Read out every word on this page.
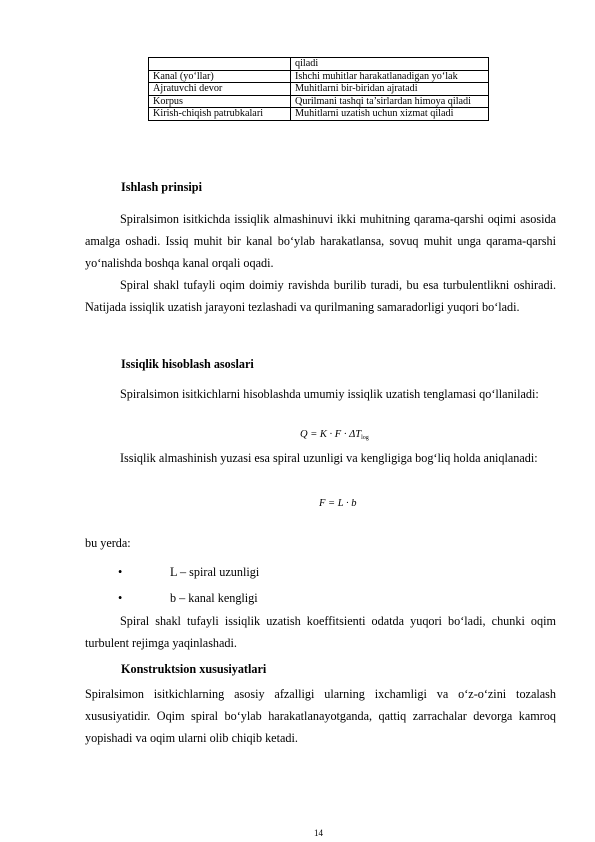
	qiladi
Kanal (yo‘llar)	Ishchi muhitlar harakatlanadigan yo‘lak
Ajratuvchi devor	Muhitlarni bir-biridan ajratadi
Korpus	Qurilmani tashqi ta’sirlardan himoya qiladi
Kirish-chiqish patrubkalari	Muhitlarni uzatish uchun xizmat qiladi
Ishlash prinsipi
Spiralsimon isitkichda issiqlik almashinuvi ikki muhitning qarama-qarshi oqimi asosida amalga oshadi. Issiq muhit bir kanal bo‘ylab harakatlansa, sovuq muhit unga qarama-qarshi yo‘nalishda boshqa kanal orqali oqadi.
Spiral shakl tufayli oqim doimiy ravishda burilib turadi, bu esa turbulentlikni oshiradi. Natijada issiqlik uzatish jarayoni tezlashadi va qurilmaning samaradorligi yuqori bo‘ladi.
Issiqlik hisoblash asoslari
Spiralsimon isitkichlarni hisoblashda umumiy issiqlik uzatish tenglamasi qo‘llaniladi:
$Q = K \cdot F \cdot \Delta T_{log}$
Issiqlik almashinish yuzasi esa spiral uzunligi va kengligiga bog‘liq holda aniqlanadi:
F = L · b
bu yerda:
•	L – spiral uzunligi
•	b – kanal kengligi
Spiral shakl tufayli issiqlik uzatish koeffitsienti odatda yuqori bo‘ladi, chunki oqim turbulent rejimga yaqinlashadi.
Konstruktsion xususiyatlari
Spiralsimon isitkichlarning asosiy afzalligi ularning ixchamligi va o‘z-o‘zini tozalash xususiyatidir. Oqim spiral bo‘ylab harakatlanayotganda, qattiq zarrachalar devorga kamroq yopishadi va oqim ularni olib chiqib ketadi.
14
